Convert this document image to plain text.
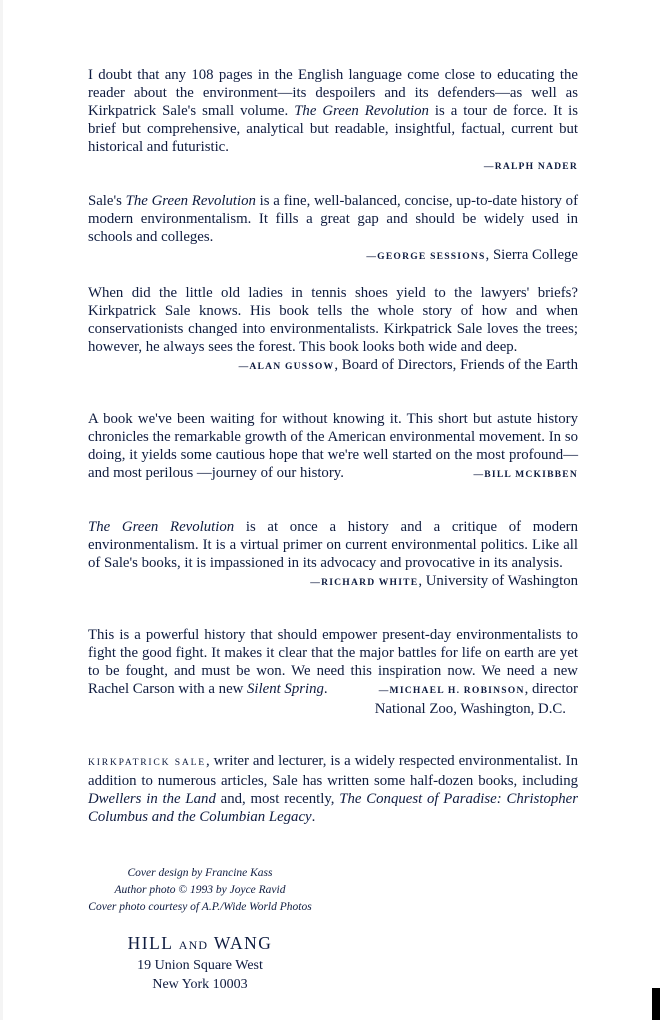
I doubt that any 108 pages in the English language come close to educating the reader about the environment—its despoilers and its defenders—as well as Kirkpatrick Sale's small volume. The Green Revolution is a tour de force. It is brief but comprehensive, analytical but readable, insightful, factual, current but historical and futuristic.

—RALPH NADER

Sale's The Green Revolution is a fine, well-balanced, concise, up-to-date history of modern environmentalism. It fills a great gap and should be widely used in schools and colleges.

—GEORGE SESSIONS, Sierra College

When did the little old ladies in tennis shoes yield to the lawyers' briefs? Kirkpatrick Sale knows. His book tells the whole story of how and when conservationists changed into environmentalists. Kirkpatrick Sale loves the trees; however, he always sees the forest. This book looks both wide and deep.

—ALAN GUSSOW, Board of Directors, Friends of the Earth

A book we've been waiting for without knowing it. This short but astute history chronicles the remarkable growth of the American environmental movement. In so doing, it yields some cautious hope that we're well started on the most profound—and most perilous —journey of our history.	—BILL MCKIBBEN

The Green Revolution is at once a history and a critique of modern environmentalism. It is a virtual primer on current environmental politics. Like all of Sale's books, it is impassioned in its advocacy and provocative in its analysis.

—RICHARD WHITE, University of Washington

This is a powerful history that should empower present-day environmentalists to fight the good fight. It makes it clear that the major battles for life on earth are yet to be fought, and must be won. We need this inspiration now. We need a new Rachel Carson with a new Silent Spring.	—MICHAEL H. ROBINSON, director
National Zoo, Washington, D.C.

KIRKPATRICK SALE, writer and lecturer, is a widely respected environmentalist. In addition to numerous articles, Sale has written some half-dozen books, including Dwellers in the Land and, most recently, The Conquest of Paradise: Christopher Columbus and the Columbian Legacy.

Cover design by Francine Kass
Author photo © 1993 by Joyce Ravid
Cover photo courtesy of A.P./Wide World Photos
HILL AND WANG
19 Union Square West
New York 10003
